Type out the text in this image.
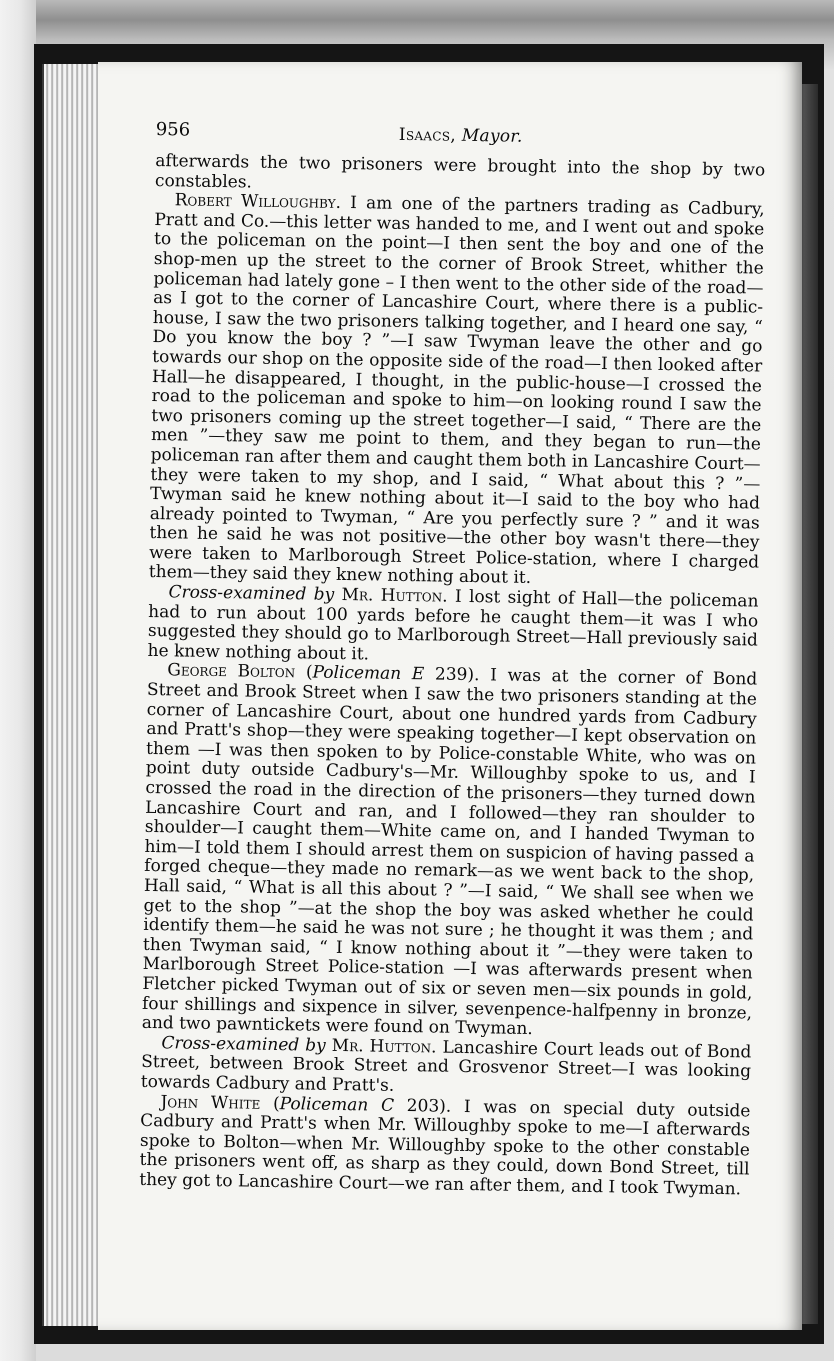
956	Isaacs, Mayor.

afterwards the two prisoners were brought into the shop by two constables.

Robert Willoughby. I am one of the partners trading as Cadbury, Pratt and Co.—this letter was handed to me, and I went out and spoke to the policeman on the point—I then sent the boy and one of the shop-men up the street to the corner of Brook Street, whither the policeman had lately gone – I then went to the other side of the road—as I got to the corner of Lancashire Court, where there is a public-house, I saw the two prisoners talking together, and I heard one say, “ Do you know the boy ? ”—I saw Twyman leave the other and go towards our shop on the opposite side of the road—I then looked after Hall—he disappeared, I thought, in the public-house—I crossed the road to the policeman and spoke to him—on looking round I saw the two prisoners coming up the street together—I said, “ There are the men ”—they saw me point to them, and they began to run—the policeman ran after them and caught them both in Lancashire Court—they were taken to my shop, and I said, “ What about this ? ”—Twyman said he knew nothing about it—I said to the boy who had already pointed to Twyman, “ Are you perfectly sure ? ” and it was then he said he was not positive—the other boy wasn't there—they were taken to Marlborough Street Police-station, where I charged them—they said they knew nothing about it.

Cross-examined by Mr. Hutton. I lost sight of Hall—the policeman had to run about 100 yards before he caught them—it was I who suggested they should go to Marlborough Street—Hall previously said he knew nothing about it.

George Bolton (Policeman E 239). I was at the corner of Bond Street and Brook Street when I saw the two prisoners standing at the corner of Lancashire Court, about one hundred yards from Cadbury and Pratt's shop—they were speaking together—I kept observation on them —I was then spoken to by Police-constable White, who was on point duty outside Cadbury's—Mr. Willoughby spoke to us, and I crossed the road in the direction of the prisoners—they turned down Lancashire Court and ran, and I followed—they ran shoulder to shoulder—I caught them—White came on, and I handed Twyman to him—I told them I should arrest them on suspicion of having passed a forged cheque—they made no remark—as we went back to the shop, Hall said, “ What is all this about ? ”—I said, “ We shall see when we get to the shop ”—at the shop the boy was asked whether he could identify them—he said he was not sure ; he thought it was them ; and then Twyman said, “ I know nothing about it ”—they were taken to Marlborough Street Police-station —I was afterwards present when Fletcher picked Twyman out of six or seven men—six pounds in gold, four shillings and sixpence in silver, sevenpence-halfpenny in bronze, and two pawntickets were found on Twyman.

Cross-examined by Mr. Hutton. Lancashire Court leads out of Bond Street, between Brook Street and Grosvenor Street—I was looking towards Cadbury and Pratt's.

John White (Policeman C 203). I was on special duty outside Cadbury and Pratt's when Mr. Willoughby spoke to me—I afterwards spoke to Bolton—when Mr. Willoughby spoke to the other constable the prisoners went off, as sharp as they could, down Bond Street, till they got to Lancashire Court—we ran after them, and I took Twyman.
